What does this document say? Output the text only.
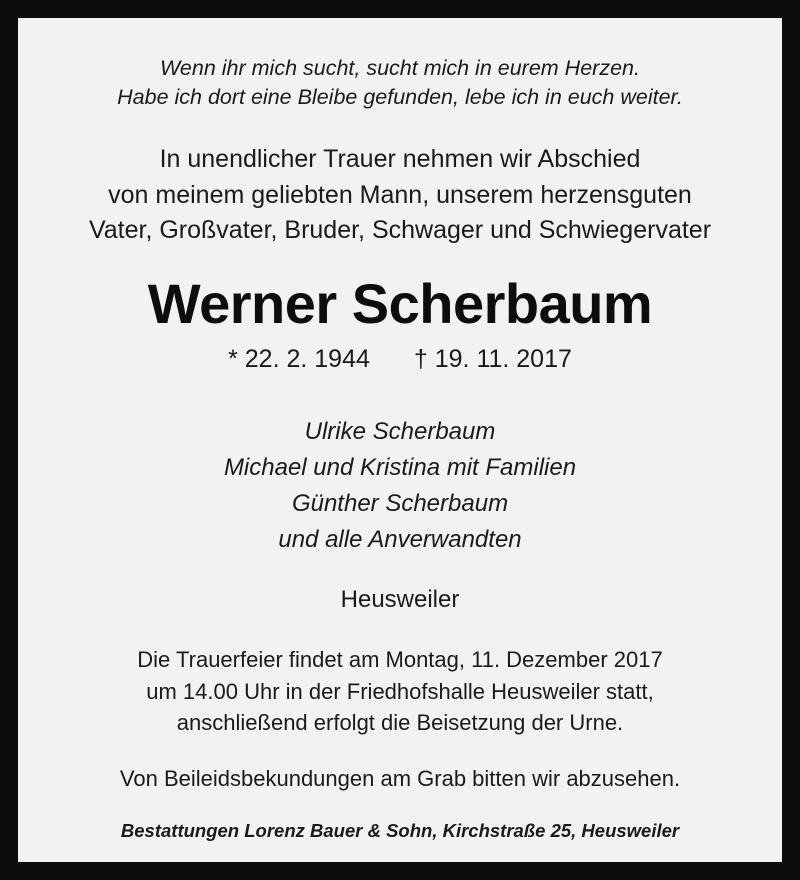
Wenn ihr mich sucht, sucht mich in eurem Herzen.
Habe ich dort eine Bleibe gefunden, lebe ich in euch weiter.
In unendlicher Trauer nehmen wir Abschied
von meinem geliebten Mann, unserem herzensguten
Vater, Großvater, Bruder, Schwager und Schwiegervater
Werner Scherbaum
* 22. 2. 1944 † 19. 11. 2017
Ulrike Scherbaum
Michael und Kristina mit Familien
Günther Scherbaum
und alle Anverwandten
Heusweiler
Die Trauerfeier findet am Montag, 11. Dezember 2017
um 14.00 Uhr in der Friedhofshalle Heusweiler statt,
anschließend erfolgt die Beisetzung der Urne.
Von Beileidsbekundungen am Grab bitten wir abzusehen.
Bestattungen Lorenz Bauer & Sohn, Kirchstraße 25, Heusweiler
